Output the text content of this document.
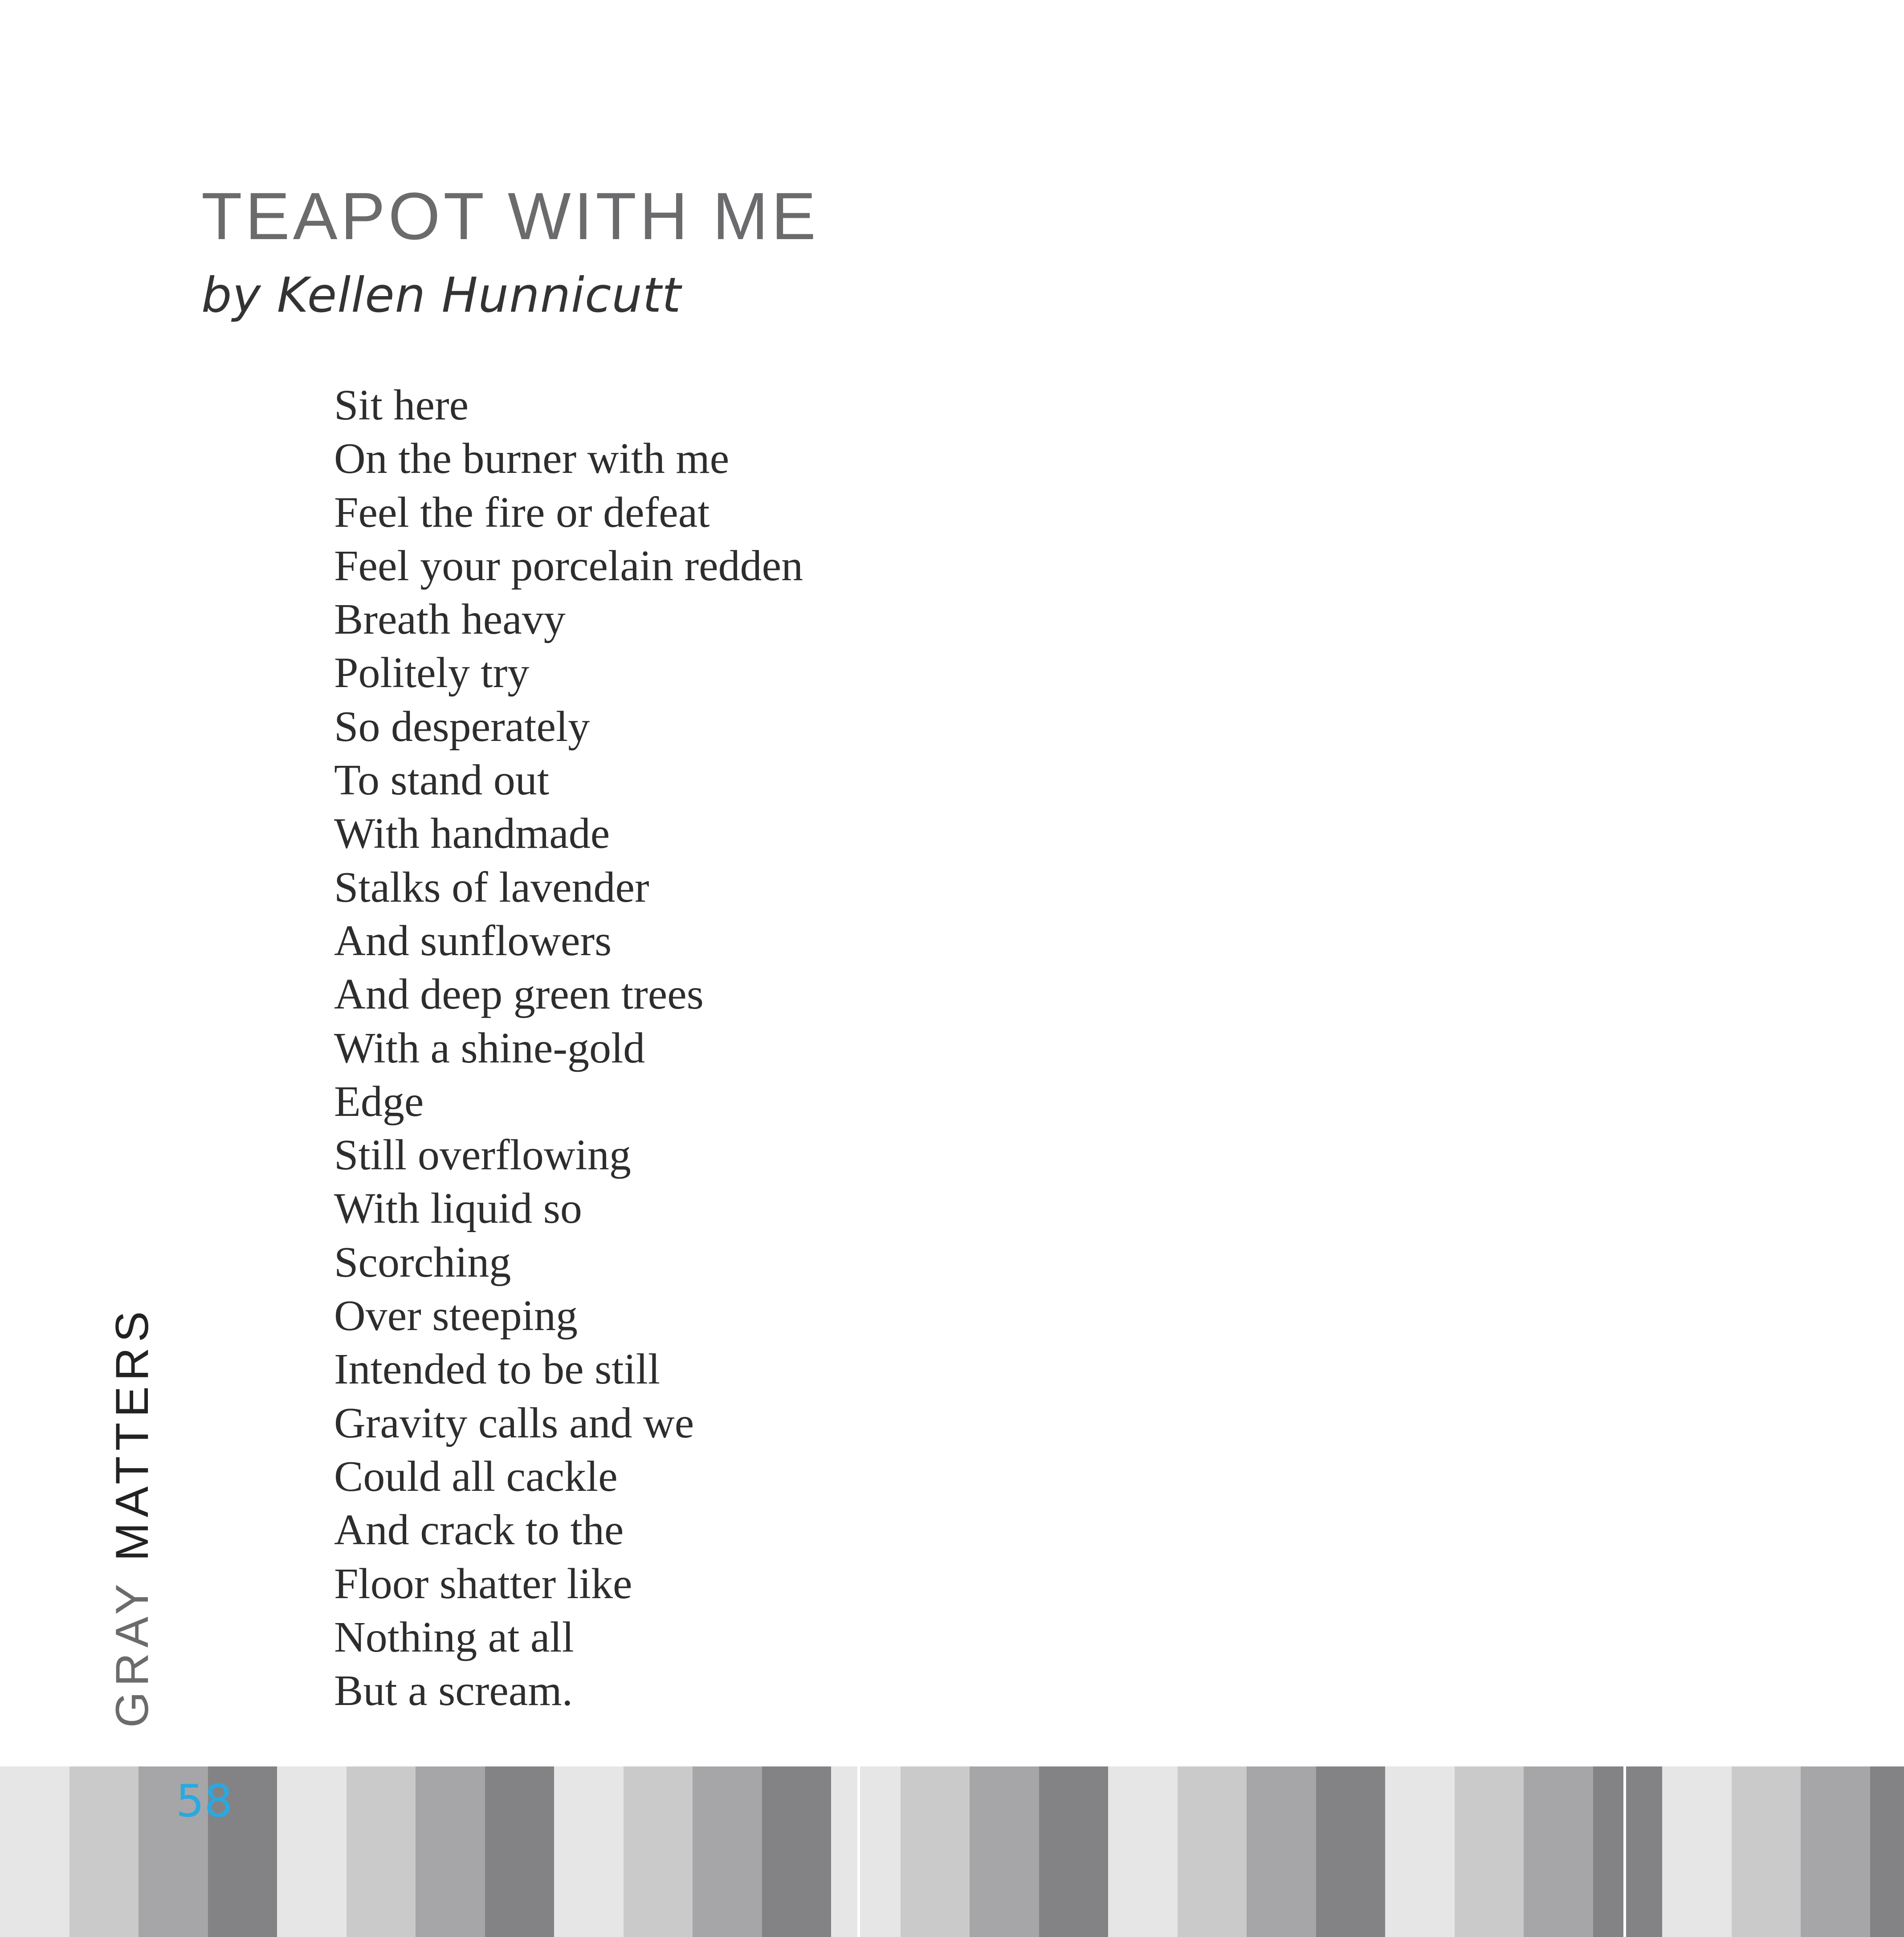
TEAPOT WITH ME
by Kellen Hunnicutt
Sit here
On the burner with me
Feel the fire or defeat
Feel your porcelain redden
Breath heavy
Politely try
So desperately
To stand out
With handmade
Stalks of lavender
And sunflowers
And deep green trees
With a shine-gold
Edge
Still overflowing
With liquid so
Scorching
Over steeping
Intended to be still
Gravity calls and we
Could all cackle
And crack to the
Floor shatter like
Nothing at all
But a scream.
GRAY MATTERS
58
